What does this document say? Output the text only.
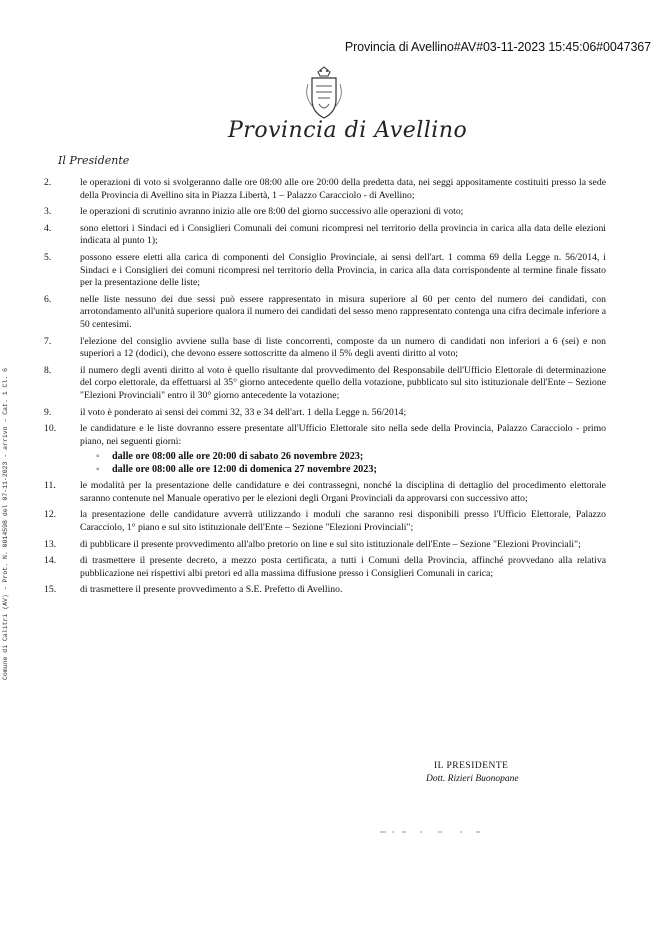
Provincia di Avellino#AV#03-11-2023 15:45:06#0047367
Comune di Calitri (AV) - Prot. N. 0014598 del 07-11-2023 - arrivo - Cat. 1 Cl. 6
Provincia di Avellino
Il Presidente
2.	le operazioni di voto si svolgeranno dalle ore 08:00 alle ore 20:00 della predetta data, nei seggi appositamente costituiti presso la sede della Provincia di Avellino sita in Piazza Libertà, 1 – Palazzo Caracciolo - di Avellino;
3.	le operazioni di scrutinio avranno inizio alle ore 8:00 del giorno successivo alle operazioni di voto;
4.	sono elettori i Sindaci ed i Consiglieri Comunali dei comuni ricompresi nel territorio della provincia in carica alla data delle elezioni indicata al punto 1);
5.	possono essere eletti alla carica di componenti del Consiglio Provinciale, ai sensi dell'art. 1 comma 69 della Legge n. 56/2014, i Sindaci e i Consiglieri dei comuni ricompresi nel territorio della Provincia, in carica alla data corrispondente al termine finale fissato per la presentazione delle liste;
6.	nelle liste nessuno dei due sessi può essere rappresentato in misura superiore al 60 per cento del numero dei candidati, con arrotondamento all'unità superiore qualora il numero dei candidati del sesso meno rappresentato contenga una cifra decimale inferiore a 50 centesimi.
7.	l'elezione del consiglio avviene sulla base di liste concorrenti, composte da un numero di candidati non inferiori a 6 (sei) e non superiori a 12 (dodici), che devono essere sottoscritte da almeno il 5% degli aventi diritto al voto;
8.	il numero degli aventi diritto al voto è quello risultante dal provvedimento del Responsabile dell'Ufficio Elettorale di determinazione del corpo elettorale, da effettuarsi al 35° giorno antecedente quello della votazione, pubblicato sul sito istituzionale dell'Ente – Sezione "Elezioni Provinciali" entro il 30° giorno antecedente la votazione;
9.	il voto è ponderato ai sensi dei commi 32, 33 e 34 dell'art. 1 della Legge n. 56/2014;
10.	le candidature e le liste dovranno essere presentate all'Ufficio Elettorale sito nella sede della Provincia, Palazzo Caracciolo - primo piano, nei seguenti giorni:
◦ dalle ore 08:00 alle ore 20:00 di sabato 26 novembre 2023;
◦ dalle ore 08:00 alle ore 12:00 di domenica 27 novembre 2023;
11.	le modalità per la presentazione delle candidature e dei contrassegni, nonché la disciplina di dettaglio del procedimento elettorale saranno contenute nel Manuale operativo per le elezioni degli Organi Provinciali da approvarsi con successivo atto;
12.	la presentazione delle candidature avverrà utilizzando i moduli che saranno resi disponibili presso l'Ufficio Elettorale, Palazzo Caracciolo, 1° piano e sul sito istituzionale dell'Ente – Sezione "Elezioni Provinciali";
13.	di pubblicare il presente provvedimento all'albo pretorio on line e sul sito istituzionale dell'Ente – Sezione "Elezioni Provinciali";
14.	di trasmettere il presente decreto, a mezzo posta certificata, a tutti i Comuni della Provincia, affinché provvedano alla relativa pubblicazione nei rispettivi albi pretori ed alla massima diffusione presso i Consiglieri Comunali in carica;
15.	di trasmettere il presente provvedimento a S.E. Prefetto di Avellino.
IL PRESIDENTE
Dott. Rizieri Buonopane
